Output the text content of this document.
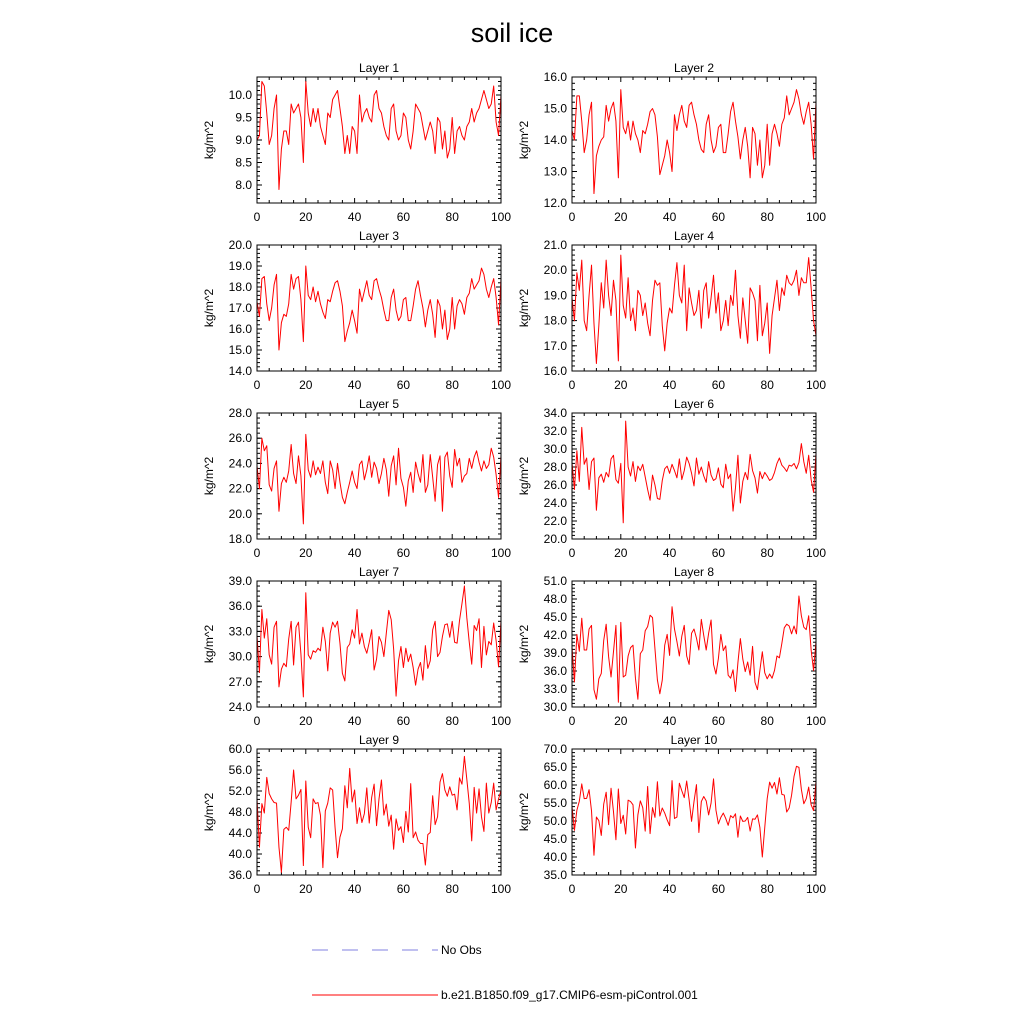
soil ice
Layer 1
kg/m^2
0	20	40	60	80	100
8.0
8.5
9.0
9.5
10.0
Layer 2
kg/m^2
0	20	40	60	80	100
12.0
13.0
14.0
15.0
16.0
Layer 3
kg/m^2
0	20	40	60	80	100
14.0
15.0
16.0
17.0
18.0
19.0
20.0
Layer 4
kg/m^2
0	20	40	60	80	100
16.0
17.0
18.0
19.0
20.0
21.0
Layer 5
kg/m^2
0	20	40	60	80	100
18.0
20.0
22.0
24.0
26.0
28.0
Layer 6
kg/m^2
0	20	40	60	80	100
20.0
22.0
24.0
26.0
28.0
30.0
32.0
34.0
Layer 7
kg/m^2
0	20	40	60	80	100
24.0
27.0
30.0
33.0
36.0
39.0
Layer 8
kg/m^2
0	20	40	60	80	100
30.0
33.0
36.0
39.0
42.0
45.0
48.0
51.0
Layer 9
kg/m^2
0	20	40	60	80	100
36.0
40.0
44.0
48.0
52.0
56.0
60.0
Layer 10
kg/m^2
0	20	40	60	80	100
35.0
40.0
45.0
50.0
55.0
60.0
65.0
70.0
No Obs
b.e21.B1850.f09_g17.CMIP6-esm-piControl.001
